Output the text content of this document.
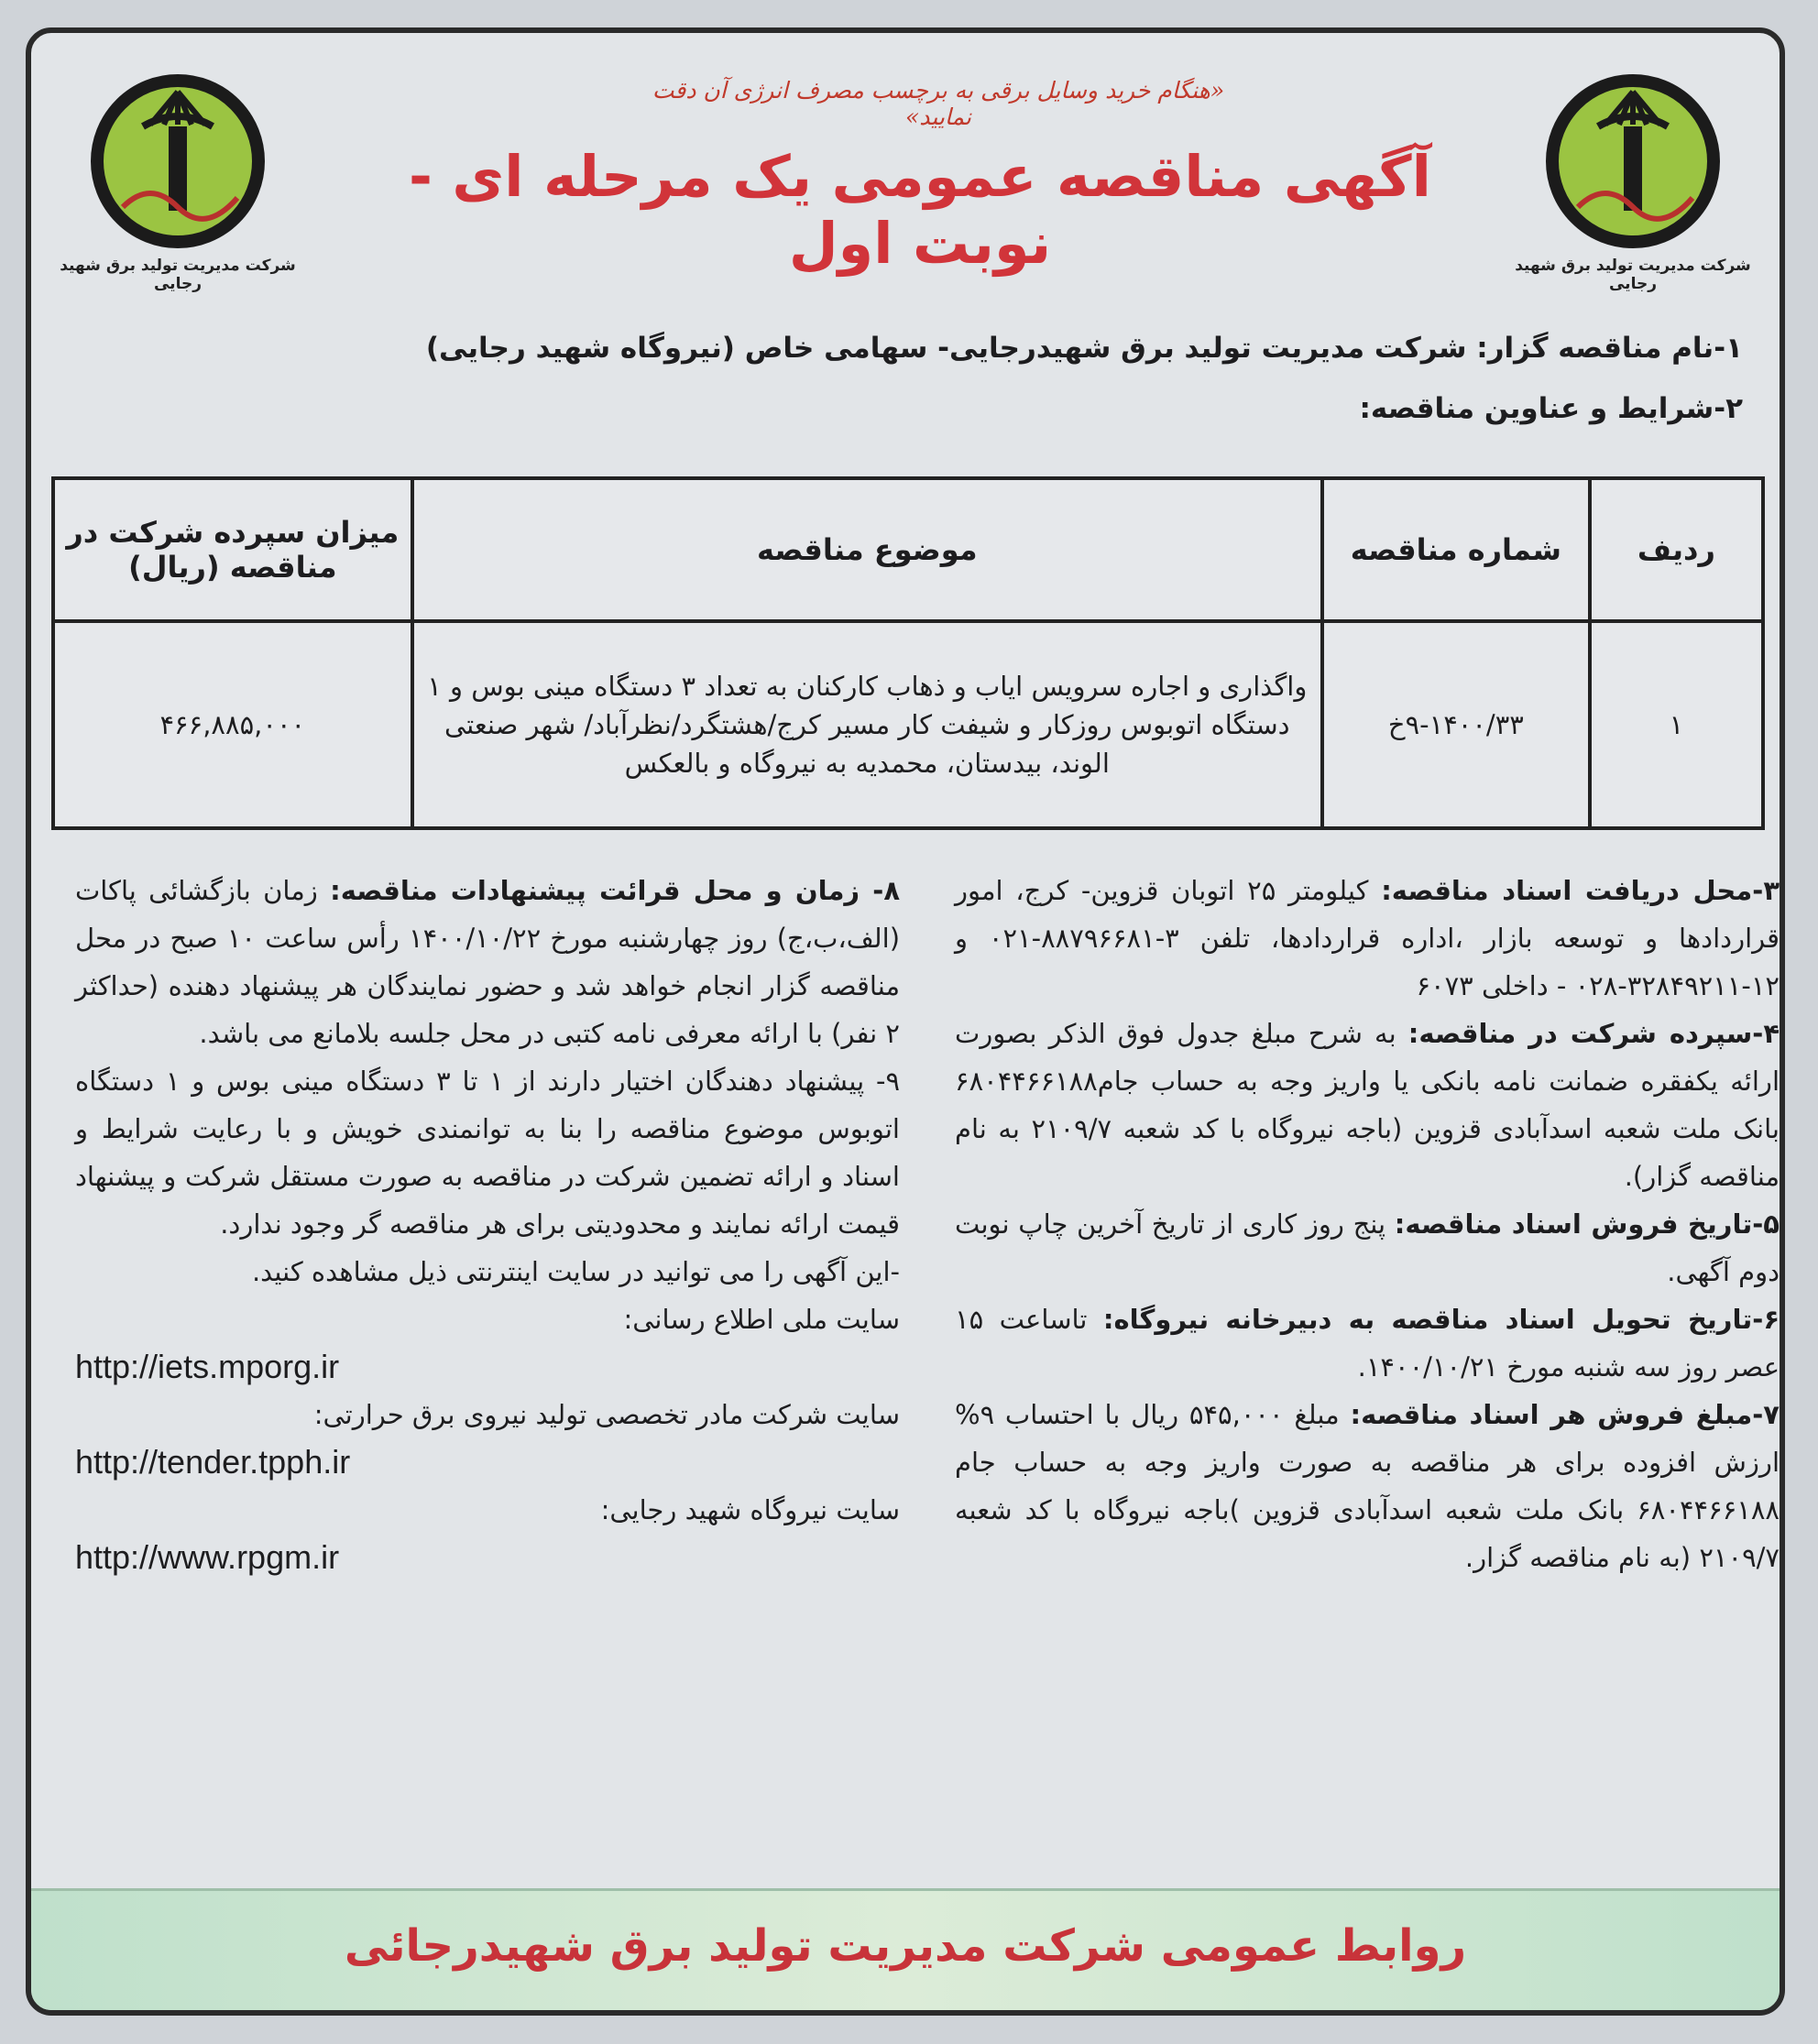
شرکت مدیریت تولید برق شهید رجایی
شرکت مدیریت تولید برق شهید رجایی
«هنگام خرید وسایل برقی به برچسب مصرف انرژی آن دقت نمایید»
آگهی مناقصه عمومی یک مرحله ای - نوبت اول
۱-نام مناقصه گزار: شرکت مدیریت تولید برق شهیدرجایی- سهامی خاص (نیروگاه شهید رجایی)
۲-شرایط و عناوین مناقصه:
ردیف	شماره مناقصه	موضوع مناقصه	میزان سپرده شرکت در مناقصه (ریال)
۱	۹-۱۴۰۰/۳۳خ	واگذاری و اجاره سرویس ایاب و ذهاب کارکنان به تعداد ۳ دستگاه مینی بوس و ۱ دستگاه اتوبوس روزکار و شیفت کار مسیر کرج/هشتگرد/نظرآباد/ شهر صنعتی الوند، بیدستان، محمدیه به نیروگاه و بالعکس	۴۶۶,۸۸۵,۰۰۰

۳-محل دریافت اسناد مناقصه: کیلومتر ۲۵ اتوبان قزوین- کرج، امور قراردادها و توسعه بازار ،اداره قراردادها، تلفن ۳-۸۸۷۹۶۶۸۱-۰۲۱ و ۱۲-۳۲۸۴۹۲۱۱-۰۲۸ - داخلی ۶۰۷۳

۴-سپرده شرکت در مناقصه: به شرح مبلغ جدول فوق الذکر بصورت ارائه یکفقره ضمانت نامه بانکی یا واریز وجه به حساب جام۶۸۰۴۴۶۶۱۸۸ بانک ملت شعبه اسدآبادی قزوین (باجه نیروگاه با کد شعبه ۲۱۰۹/۷ به نام مناقصه گزار).

۵-تاریخ فروش اسناد مناقصه: پنج روز کاری از تاریخ آخرین چاپ نوبت دوم آگهی.

۶-تاریخ تحویل اسناد مناقصه به دبیرخانه نیروگاه: تاساعت ۱۵ عصر روز سه شنبه مورخ ۱۴۰۰/۱۰/۲۱.

۷-مبلغ فروش هر اسناد مناقصه: مبلغ ۵۴۵,۰۰۰ ریال با احتساب ۹% ارزش افزوده برای هر مناقصه به صورت واریز وجه به حساب جام ۶۸۰۴۴۶۶۱۸۸ بانک ملت شعبه اسدآبادی قزوین )باجه نیروگاه با کد شعبه ۲۱۰۹/۷ (به نام مناقصه گزار.

۸- زمان و محل قرائت پیشنهادات مناقصه: زمان بازگشائی پاکات (الف،ب،ج) روز چهارشنبه مورخ ۱۴۰۰/۱۰/۲۲ رأس ساعت ۱۰ صبح در محل مناقصه گزار انجام خواهد شد و حضور نمایندگان هر پیشنهاد دهنده (حداکثر ۲ نفر) با ارائه معرفی نامه کتبی در محل جلسه بلامانع می باشد.

۹- پیشنهاد دهندگان اختیار دارند از ۱ تا ۳ دستگاه مینی بوس و ۱ دستگاه اتوبوس موضوع مناقصه را بنا به توانمندی خویش و با رعایت شرایط و اسناد و ارائه تضمین شرکت در مناقصه به صورت مستقل شرکت و پیشنهاد قیمت ارائه نمایند و محدودیتی برای هر مناقصه گر وجود ندارد.

-این آگهی را می توانید در سایت اینترنتی ذیل مشاهده کنید.

سایت ملی اطلاع رسانی:

http://iets.mporg.ir

سایت شرکت مادر تخصصی تولید نیروی برق حرارتی:

http://tender.tpph.ir

سایت نیروگاه شهید رجایی:

http://www.rpgm.ir
روابط عمومی شرکت مدیریت تولید برق شهیدرجائی
